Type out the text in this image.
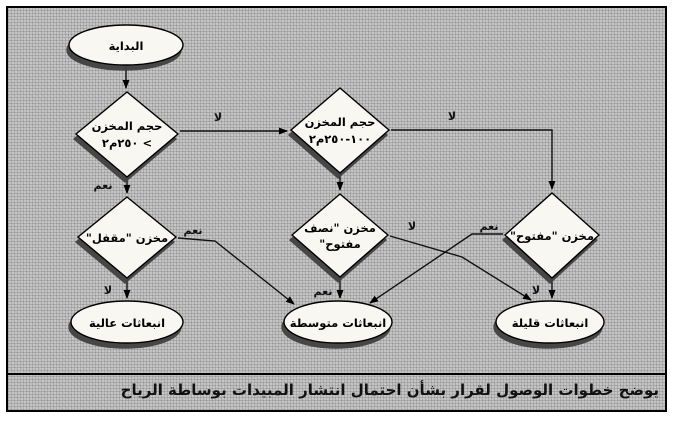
لا
نعم
لا
لا
نعم
نعم
لا	نعم
لا
البداية
حجم المخزن
> ٢٥٠م٢
حجم المخزن
١٠٠-٢٥٠م٢
مخزن "مقفل"
مخزن "نصف
مفتوح"
مخزن "مفتوح"
انبعاثات عالية	انبعاثات متوسطة	انبعاثات قليلة
يوضح خطوات الوصول لقرار بشأن احتمال انتشار المبيدات بوساطة الرياح
